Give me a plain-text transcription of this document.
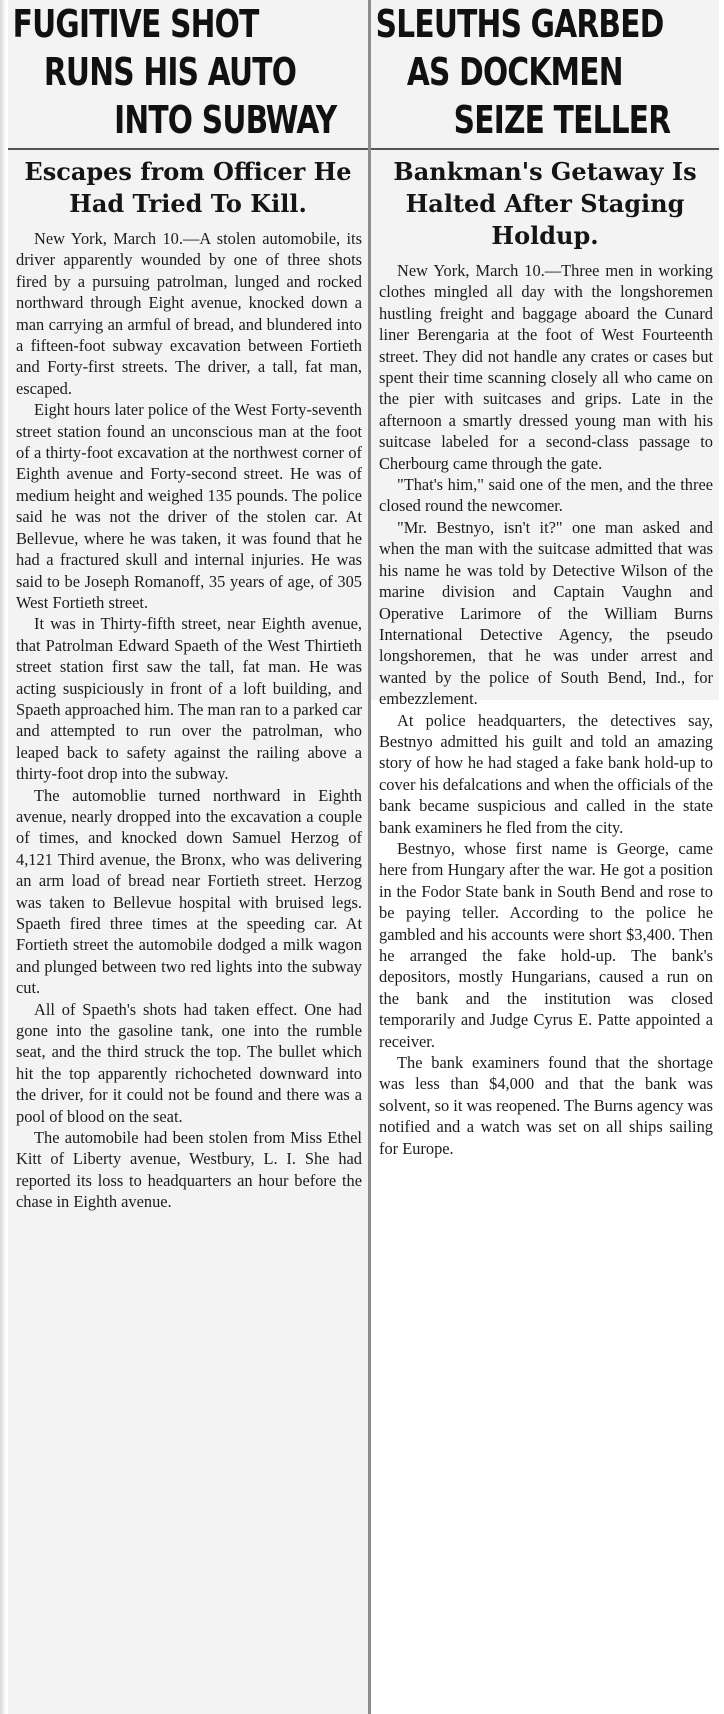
FUGITIVE SHOT
RUNS HIS AUTO
INTO SUBWAY
Escapes from Officer He Had Tried To Kill.

New York, March 10.—A stolen automobile, its driver apparently wounded by one of three shots fired by a pursuing patrolman, lunged and rocked northward through Eight avenue, knocked down a man carrying an armful of bread, and blundered into a fifteen-foot subway excavation between Fortieth and Forty-first streets. The driver, a tall, fat man, escaped.

Eight hours later police of the West Forty-seventh street station found an unconscious man at the foot of a thirty-foot excavation at the northwest corner of Eighth avenue and Forty-second street. He was of medium height and weighed 135 pounds. The police said he was not the driver of the stolen car. At Bellevue, where he was taken, it was found that he had a fractured skull and internal injuries. He was said to be Joseph Romanoff, 35 years of age, of 305 West Fortieth street.

It was in Thirty-fifth street, near Eighth avenue, that Patrolman Edward Spaeth of the West Thirtieth street station first saw the tall, fat man. He was acting suspiciously in front of a loft building, and Spaeth approached him. The man ran to a parked car and attempted to run over the patrolman, who leaped back to safety against the railing above a thirty-foot drop into the subway.

The automoblie turned northward in Eighth avenue, nearly dropped into the excavation a couple of times, and knocked down Samuel Herzog of 4,121 Third avenue, the Bronx, who was delivering an arm load of bread near Fortieth street. Herzog was taken to Bellevue hospital with bruised legs. Spaeth fired three times at the speeding car. At Fortieth street the automobile dodged a milk wagon and plunged between two red lights into the subway cut.

All of Spaeth's shots had taken effect. One had gone into the gasoline tank, one into the rumble seat, and the third struck the top. The bullet which hit the top apparently richocheted downward into the driver, for it could not be found and there was a pool of blood on the seat.

The automobile had been stolen from Miss Ethel Kitt of Liberty avenue, Westbury, L. I. She had reported its loss to headquarters an hour before the chase in Eighth avenue.

SLEUTHS GARBED
AS DOCKMEN
SEIZE TELLER
Bankman's Getaway Is Halted After Staging Holdup.

New York, March 10.—Three men in working clothes mingled all day with the longshoremen hustling freight and baggage aboard the Cunard liner Berengaria at the foot of West Fourteenth street. They did not handle any crates or cases but spent their time scanning closely all who came on the pier with suitcases and grips. Late in the afternoon a smartly dressed young man with his suitcase labeled for a second-class passage to Cherbourg came through the gate.

"That's him," said one of the men, and the three closed round the newcomer.

"Mr. Bestnyo, isn't it?" one man asked and when the man with the suitcase admitted that was his name he was told by Detective Wilson of the marine division and Captain Vaughn and Operative Larimore of the William Burns International Detective Agency, the pseudo longshoremen, that he was under arrest and wanted by the police of South Bend, Ind., for embezzlement.

At police headquarters, the detectives say, Bestnyo admitted his guilt and told an amazing story of how he had staged a fake bank hold-up to cover his defalcations and when the officials of the bank became suspicious and called in the state bank examiners he fled from the city.

Bestnyo, whose first name is George, came here from Hungary after the war. He got a position in the Fodor State bank in South Bend and rose to be paying teller. According to the police he gambled and his accounts were short $3,400. Then he arranged the fake hold-up. The bank's depositors, mostly Hungarians, caused a run on the bank and the institution was closed temporarily and Judge Cyrus E. Patte appointed a receiver.

The bank examiners found that the shortage was less than $4,000 and that the bank was solvent, so it was reopened. The Burns agency was notified and a watch was set on all ships sailing for Europe.
